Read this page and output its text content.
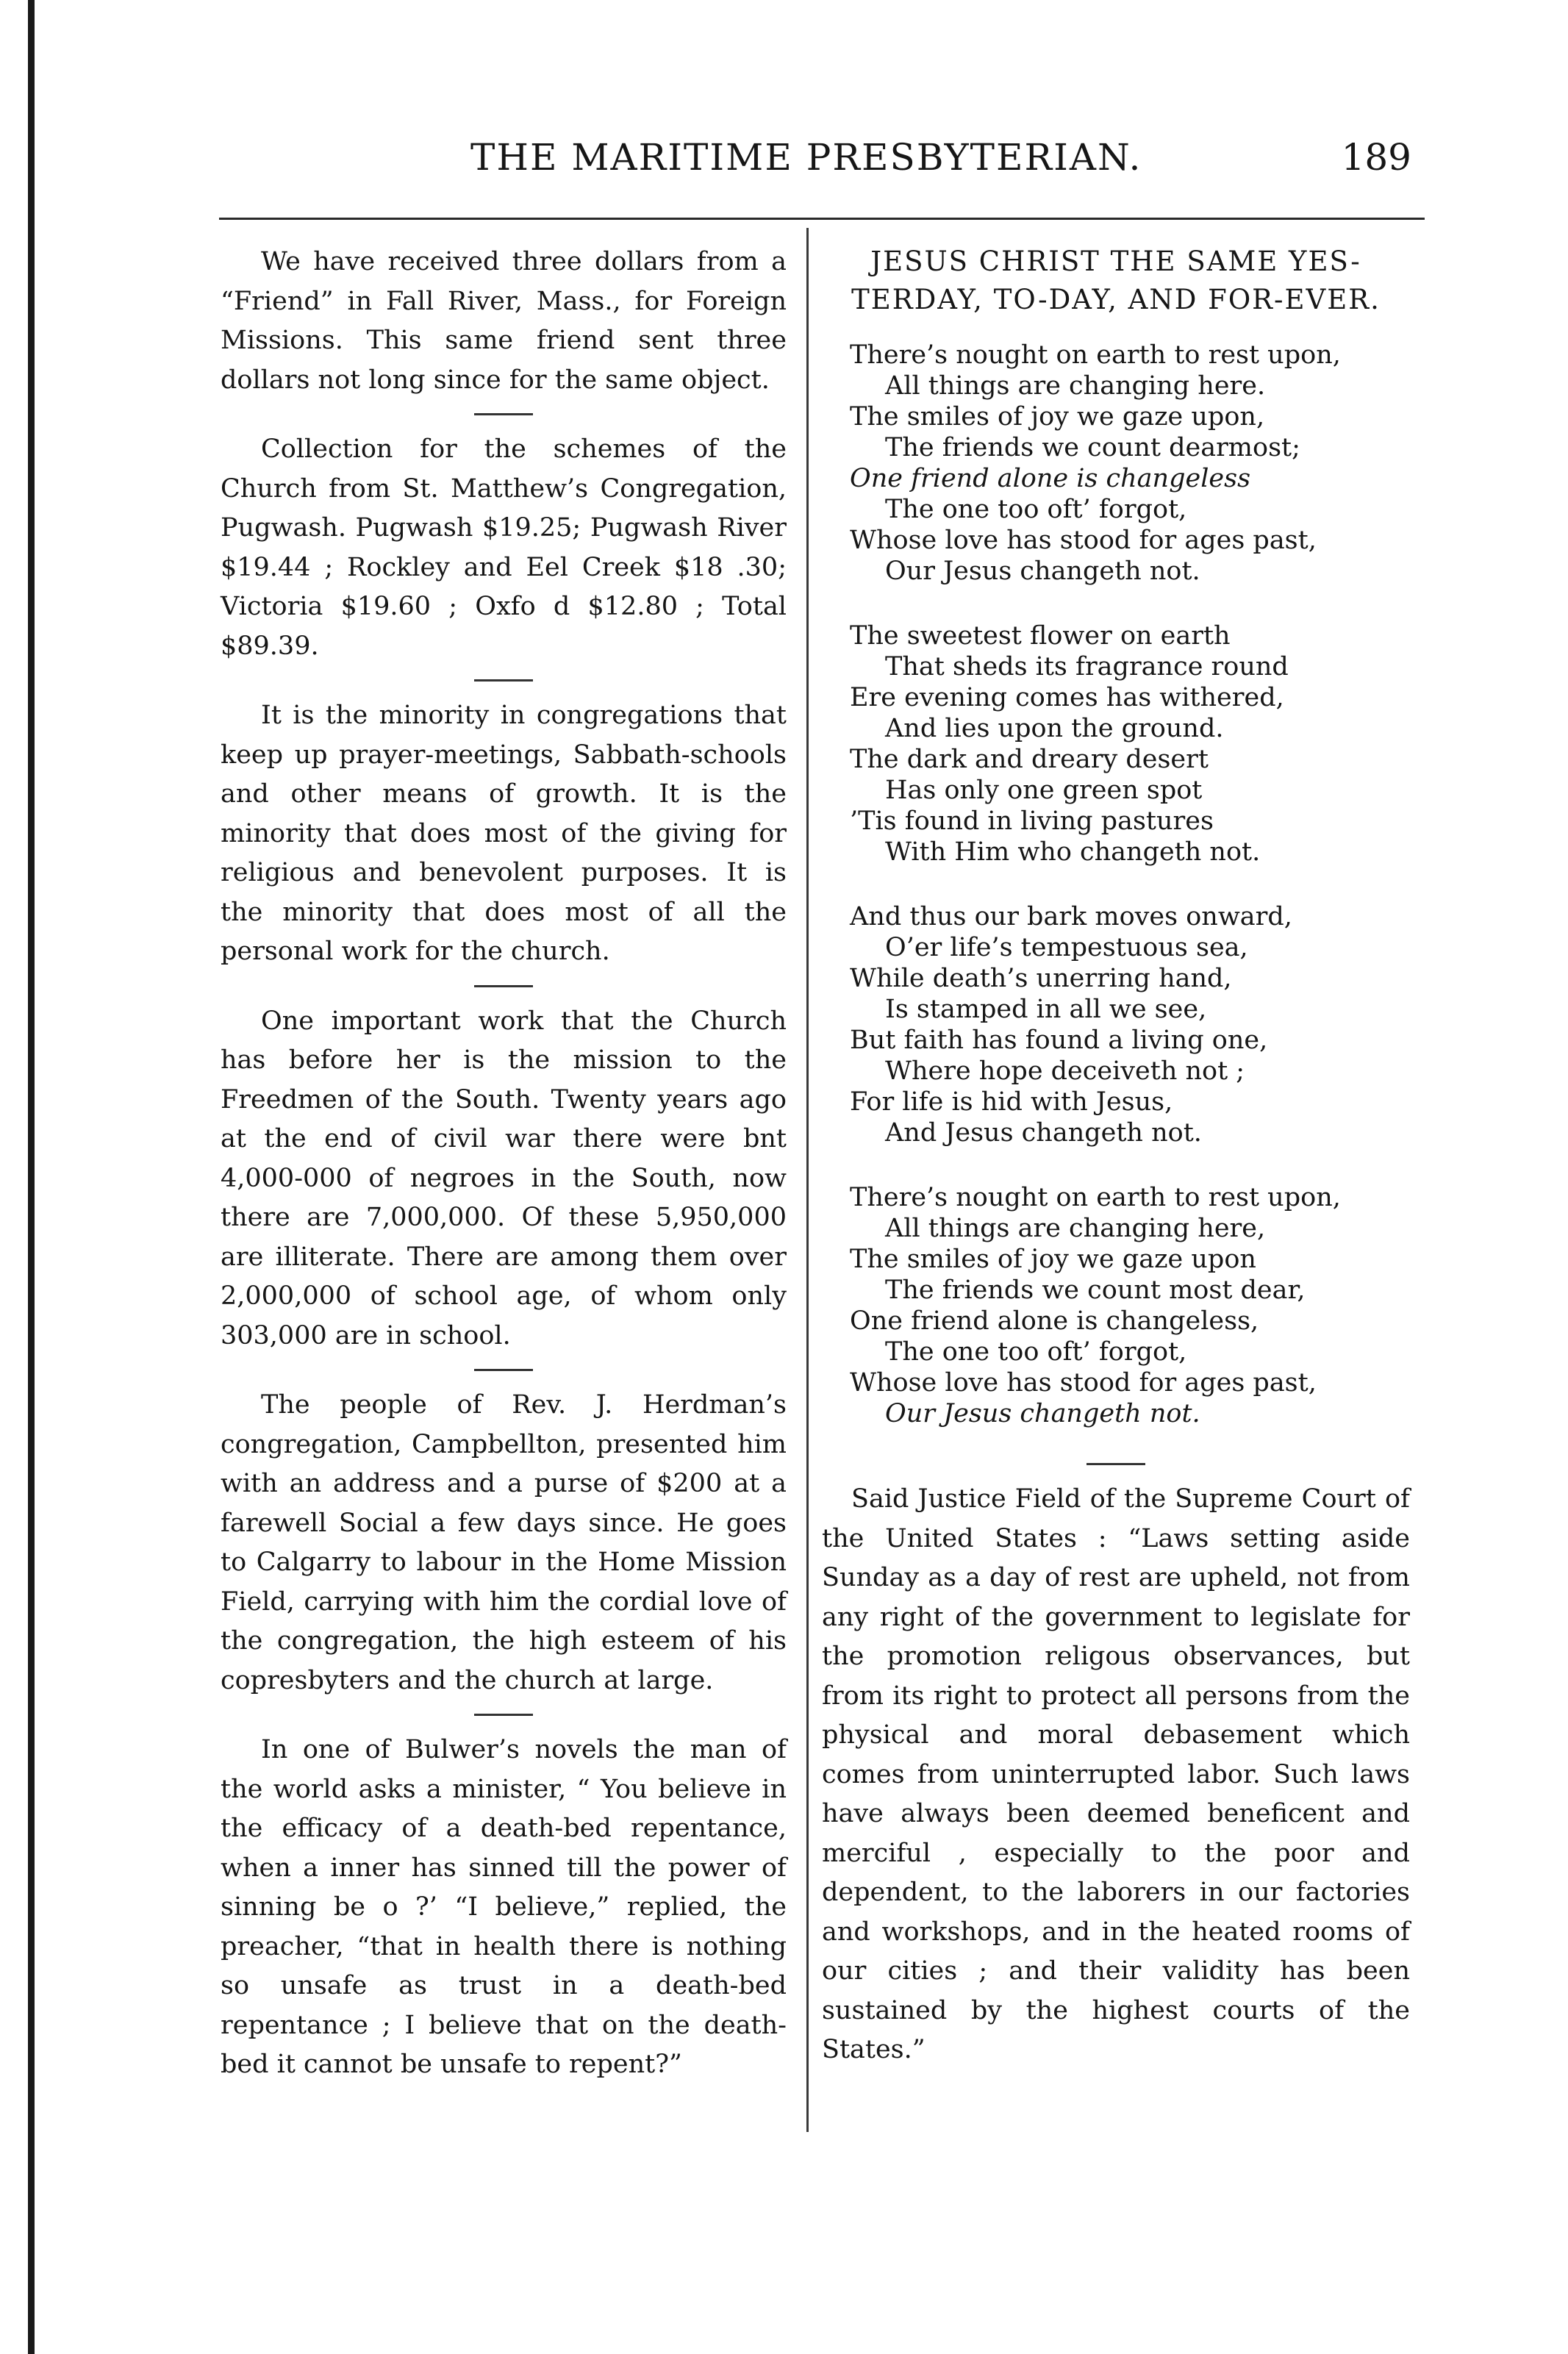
THE MARITIME PRESBYTERIAN.	189

We have received three dollars from a “Friend” in Fall River, Mass., for Foreign Missions. This same friend sent three dollars not long since for the same object.

Collection for the schemes of the Church from St. Matthew’s Congregation, Pugwash. Pugwash $19.25; Pugwash River $19.44 ; Rockley and Eel Creek $18 .30; Victoria $19.60 ; Oxfo d $12.80 ; Total $89.39.

It is the minority in congregations that keep up prayer-meetings, Sabbath-schools and other means of growth. It is the minority that does most of the giving for religious and benevolent purposes. It is the minority that does most of all the personal work for the church.

One important work that the Church has before her is the mission to the Freedmen of the South. Twenty years ago at the end of civil war there were bnt 4,000-000 of negroes in the South, now there are 7,000,000. Of these 5,950,000 are illiterate. There are among them over 2,000,000 of school age, of whom only 303,000 are in school.

The people of Rev. J. Herdman’s congregation, Campbellton, presented him with an address and a purse of $200 at a farewell Social a few days since. He goes to Calgarry to labour in the Home Mission Field, carrying with him the cordial love of the congregation, the high esteem of his copresbyters and the church at large.

In one of Bulwer’s novels the man of the world asks a minister, “ You believe in the efficacy of a death-bed repentance, when a inner has sinned till the power of sinning be o ?’ “I believe,” replied, the preacher, “that in health there is nothing so unsafe as trust in a death-bed repentance ; I believe that on the death-bed it cannot be unsafe to repent?”

JESUS CHRIST THE SAME YES-TERDAY, TO-DAY, AND FOR-EVER.
There’s nought on earth to rest upon,
All things are changing here.
The smiles of joy we gaze upon,
The friends we count dearmost;
One friend alone is changeless
The one too oft’ forgot,
Whose love has stood for ages past,
Our Jesus changeth not.
The sweetest flower on earth
That sheds its fragrance round
Ere evening comes has withered,
And lies upon the ground.
The dark and dreary desert
Has only one green spot
’Tis found in living pastures
With Him who changeth not.
And thus our bark moves onward,
O’er life’s tempestuous sea,
While death’s unerring hand,
Is stamped in all we see,
But faith has found a living one,
Where hope deceiveth not ;
For life is hid with Jesus,
And Jesus changeth not.
There’s nought on earth to rest upon,
All things are changing here,
The smiles of joy we gaze upon
The friends we count most dear,
One friend alone is changeless,
The one too oft’ forgot,
Whose love has stood for ages past,
Our Jesus changeth not.

Said Justice Field of the Supreme Court of the United States : “Laws setting aside Sunday as a day of rest are upheld, not from any right of the government to legislate for the promotion religous observances, but from its right to protect all persons from the physical and moral debasement which comes from uninterrupted labor. Such laws have always been deemed beneficent and merciful , especially to the poor and dependent, to the laborers in our factories and workshops, and in the heated rooms of our cities ; and their validity has been sustained by the highest courts of the States.”
